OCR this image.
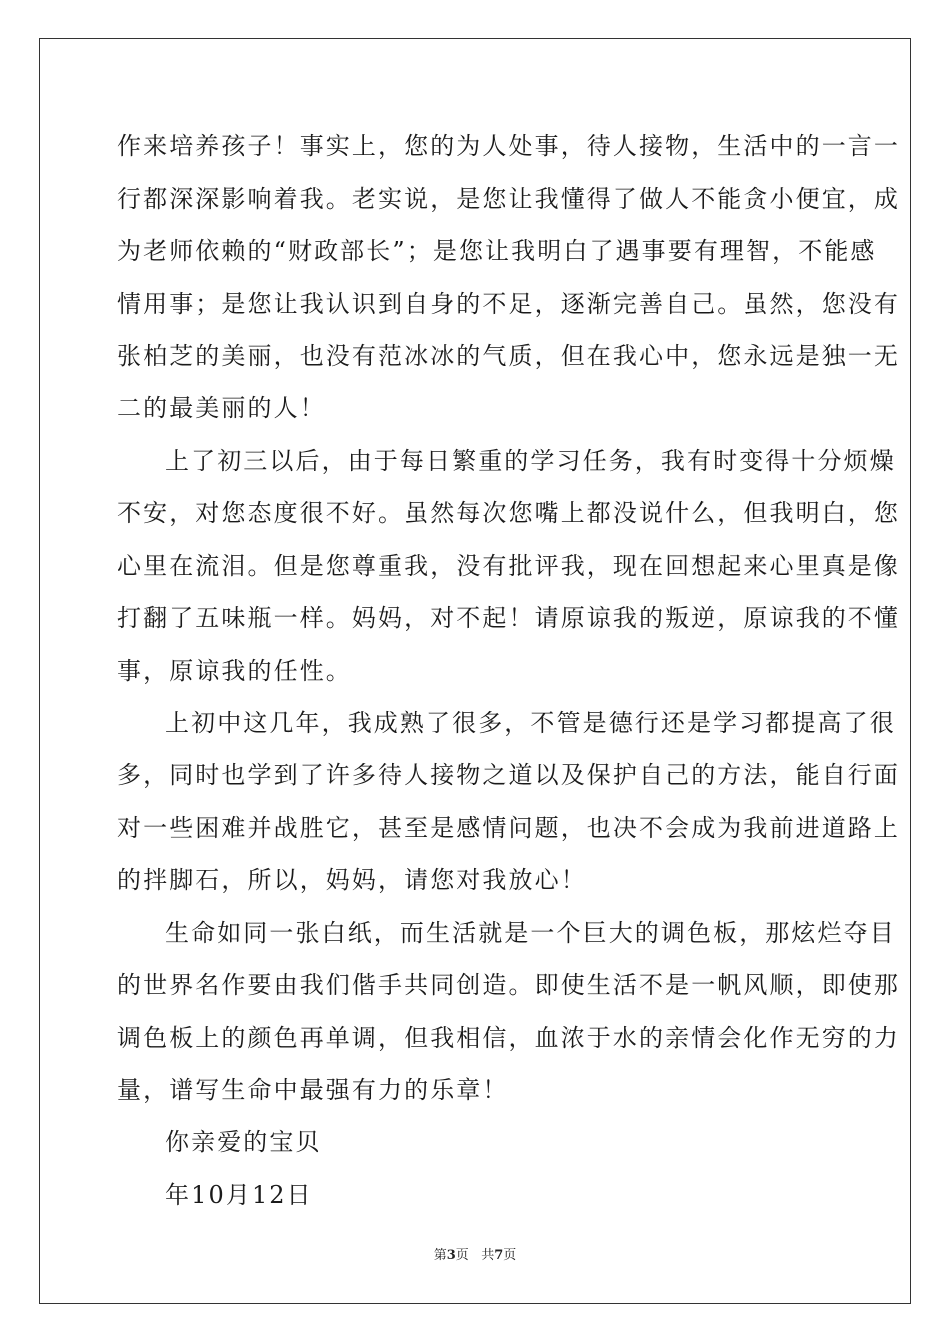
作来培养孩子！事实上，您的为人处事，待人接物，生活中的一言一
行都深深影响着我。老实说，是您让我懂得了做人不能贪小便宜，成
为老师依赖的“财政部长”；是您让我明白了遇事要有理智，不能感
情用事；是您让我认识到自身的不足，逐渐完善自己。虽然，您没有
张柏芝的美丽，也没有范冰冰的气质，但在我心中，您永远是独一无
二的最美丽的人！
上了初三以后，由于每日繁重的学习任务，我有时变得十分烦燥
不安，对您态度很不好。虽然每次您嘴上都没说什么，但我明白，您
心里在流泪。但是您尊重我，没有批评我，现在回想起来心里真是像
打翻了五味瓶一样。妈妈，对不起！请原谅我的叛逆，原谅我的不懂
事，原谅我的任性。
上初中这几年，我成熟了很多，不管是德行还是学习都提高了很
多，同时也学到了许多待人接物之道以及保护自己的方法，能自行面
对一些困难并战胜它，甚至是感情问题，也决不会成为我前进道路上
的拌脚石，所以，妈妈，请您对我放心！
生命如同一张白纸，而生活就是一个巨大的调色板，那炫烂夺目
的世界名作要由我们偕手共同创造。即使生活不是一帆风顺，即使那
调色板上的颜色再单调，但我相信，血浓于水的亲情会化作无穷的力
量，谱写生命中最强有力的乐章！
你亲爱的宝贝
年10月12日
第3页 共7页
